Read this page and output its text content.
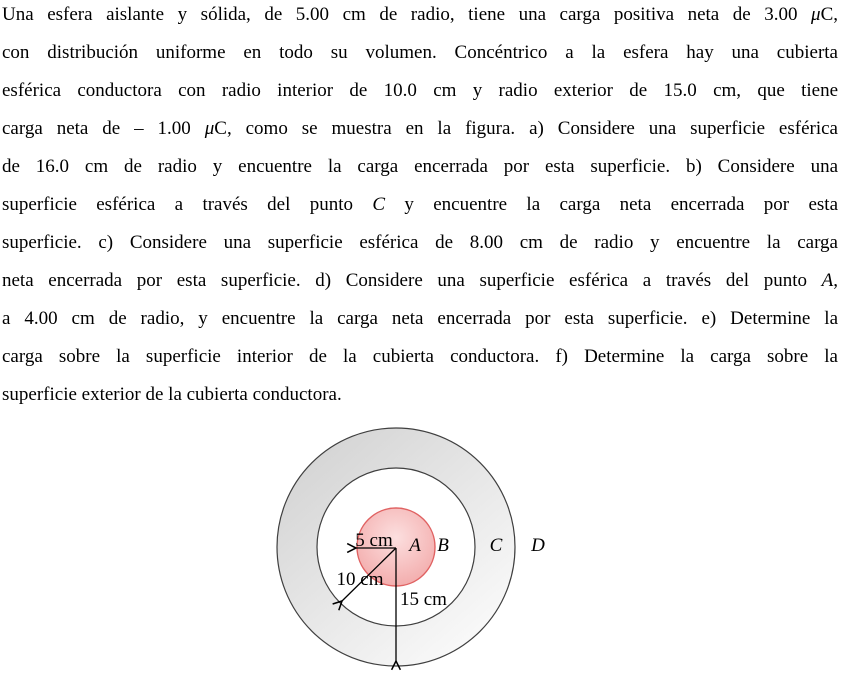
Una esfera aislante y sólida, de 5.00 cm de radio, tiene una carga positiva neta de 3.00 μC,
con distribución uniforme en todo su volumen. Concéntrico a la esfera hay una cubierta
esférica conductora con radio interior de 10.0 cm y radio exterior de 15.0 cm, que tiene
carga neta de – 1.00 μC, como se muestra en la figura. a) Considere una superficie esférica
de 16.0 cm de radio y encuentre la carga encerrada por esta superficie. b) Considere una
superficie esférica a través del punto C y encuentre la carga neta encerrada por esta
superficie. c) Considere una superficie esférica de 8.00 cm de radio y encuentre la carga
neta encerrada por esta superficie. d) Considere una superficie esférica a través del punto A,
a 4.00 cm de radio, y encuentre la carga neta encerrada por esta superficie. e) Determine la
carga sobre la superficie interior de la cubierta conductora. f) Determine la carga sobre la
superficie exterior de la cubierta conductora.
5 cm
10 cm
15 cm
A B C D
